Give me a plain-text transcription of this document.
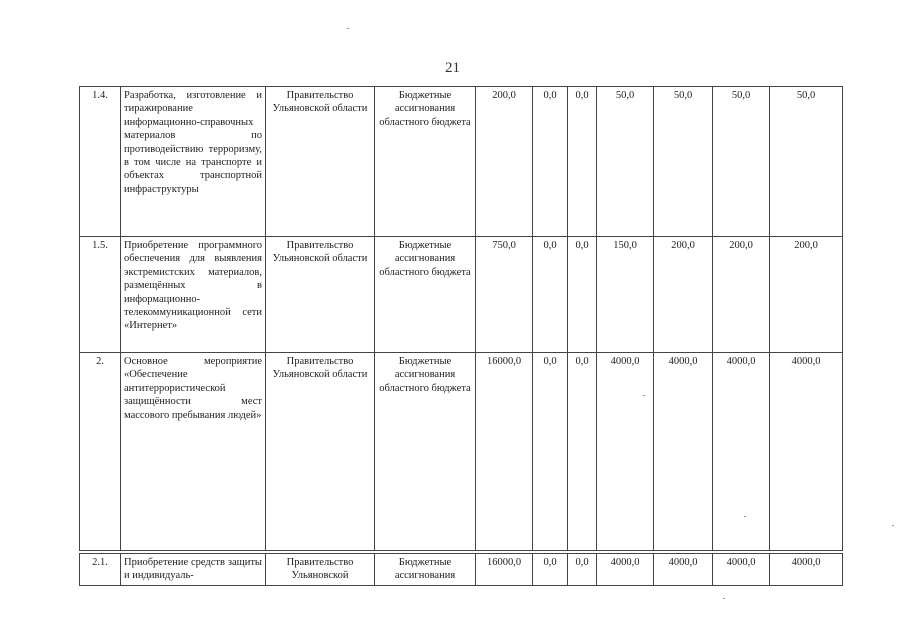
21
1.4.	Разработка, изготовление и тиражирование информационно-справочных материалов по противодействию терроризму, в том числе на транспорте и объектах транспортной инфраструктуры	Правительство Ульяновской области	Бюджетные ассигнования областного бюджета	200,0	0,0	0,0	50,0	50,0	50,0	50,0
1.5.	Приобретение программного обеспечения для выявления экстремистских материалов, размещённых в информационно-телекоммуникационной сети «Интернет»	Правительство Ульяновской области	Бюджетные ассигнования областного бюджета	750,0	0,0	0,0	150,0	200,0	200,0	200,0
2.	Основное мероприятие «Обеспечение антитеррористической защищённости мест массового пребывания людей»	Правительство Ульяновской области	Бюджетные ассигнования областного бюджета	16000,0	0,0	0,0	4000,0	4000,0	4000,0	4000,0

2.1.	Приобретение средств защиты и индивидуаль-	Правительство Ульяновской	Бюджетные ассигнования	16000,0	0,0	0,0	4000,0	4000,0	4000,0	4000,0
